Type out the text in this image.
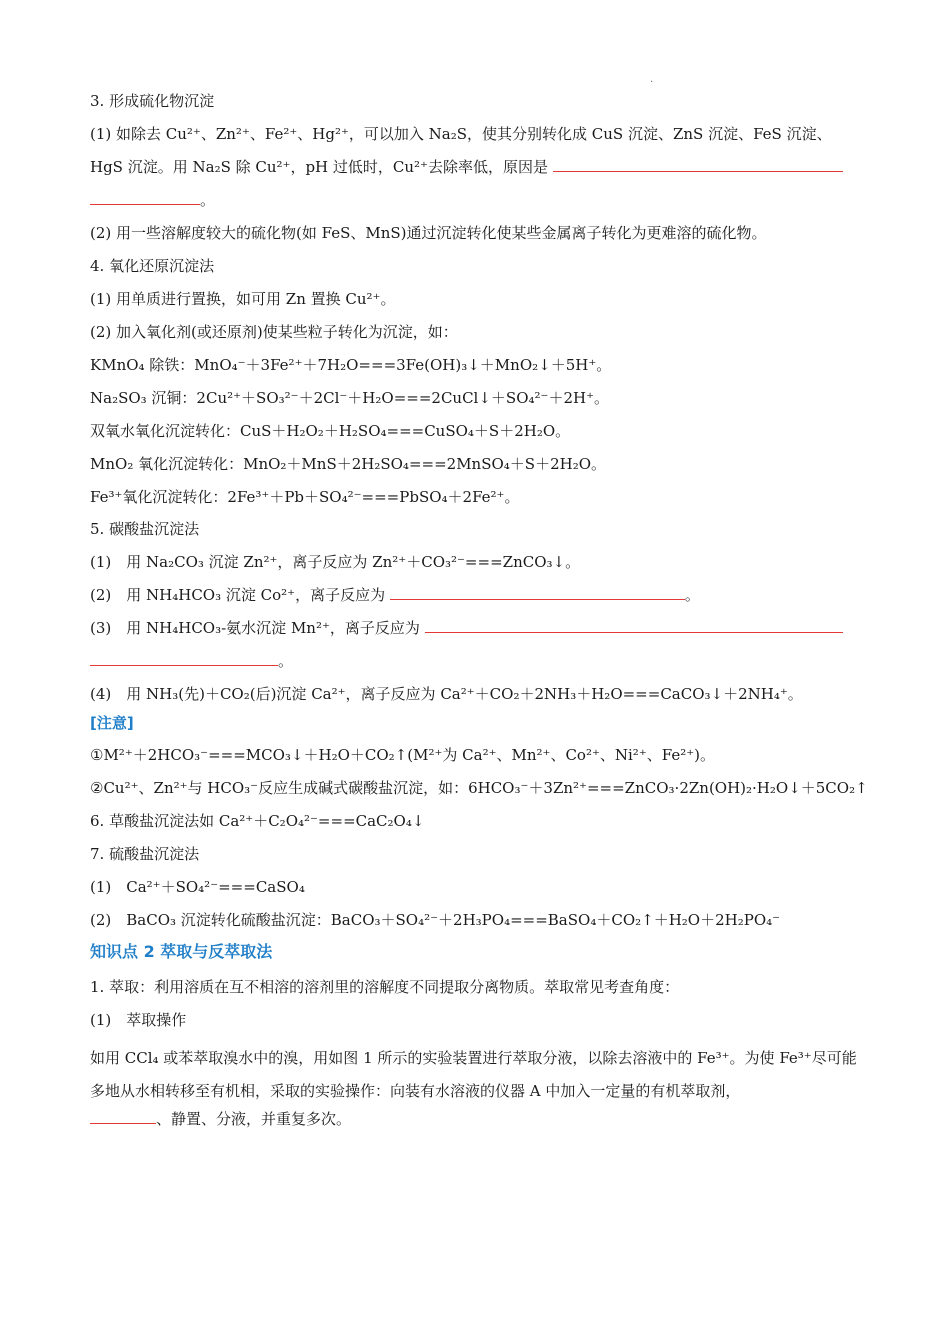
.
3. 形成硫化物沉淀
(1) 如除去 Cu²⁺、Zn²⁺、Fe²⁺、Hg²⁺，可以加入 Na₂S，使其分别转化成 CuS 沉淀、ZnS 沉淀、FeS 沉淀、
HgS 沉淀。用 Na₂S 除 Cu²⁺，pH 过低时，Cu²⁺去除率低，原因是
。
(2) 用一些溶解度较大的硫化物(如 FeS、MnS)通过沉淀转化使某些金属离子转化为更难溶的硫化物。
4. 氧化还原沉淀法
(1) 用单质进行置换，如可用 Zn 置换 Cu²⁺。
(2) 加入氧化剂(或还原剂)使某些粒子转化为沉淀，如：
KMnO₄ 除铁：MnO₄⁻＋3Fe²⁺＋7H₂O===3Fe(OH)₃↓＋MnO₂↓＋5H⁺。
Na₂SO₃ 沉铜：2Cu²⁺＋SO₃²⁻＋2Cl⁻＋H₂O===2CuCl↓＋SO₄²⁻＋2H⁺。
双氧水氧化沉淀转化：CuS＋H₂O₂＋H₂SO₄===CuSO₄＋S＋2H₂O。
MnO₂ 氧化沉淀转化：MnO₂＋MnS＋2H₂SO₄===2MnSO₄＋S＋2H₂O。
Fe³⁺氧化沉淀转化：2Fe³⁺＋Pb＋SO₄²⁻===PbSO₄＋2Fe²⁺。
5. 碳酸盐沉淀法
(1)　用 Na₂CO₃ 沉淀 Zn²⁺，离子反应为 Zn²⁺＋CO₃²⁻===ZnCO₃↓。
(2)　用 NH₄HCO₃ 沉淀 Co²⁺，离子反应为	。
(3)　用 NH₄HCO₃-氨水沉淀 Mn²⁺，离子反应为
。
(4)　用 NH₃(先)＋CO₂(后)沉淀 Ca²⁺，离子反应为 Ca²⁺＋CO₂＋2NH₃＋H₂O===CaCO₃↓＋2NH₄⁺。
[注意]
①M²⁺＋2HCO₃⁻===MCO₃↓＋H₂O＋CO₂↑(M²⁺为 Ca²⁺、Mn²⁺、Co²⁺、Ni²⁺、Fe²⁺)。
②Cu²⁺、Zn²⁺与 HCO₃⁻反应生成碱式碳酸盐沉淀，如：6HCO₃⁻＋3Zn²⁺===ZnCO₃·2Zn(OH)₂·H₂O↓＋5CO₂↑
6. 草酸盐沉淀法如 Ca²⁺＋C₂O₄²⁻===CaC₂O₄↓
7. 硫酸盐沉淀法
(1)　Ca²⁺＋SO₄²⁻===CaSO₄
(2)　BaCO₃ 沉淀转化硫酸盐沉淀：BaCO₃＋SO₄²⁻＋2H₃PO₄===BaSO₄＋CO₂↑＋H₂O＋2H₂PO₄⁻
知识点 2 萃取与反萃取法
1. 萃取：利用溶质在互不相溶的溶剂里的溶解度不同提取分离物质。萃取常见考查角度：
(1)　萃取操作
如用 CCl₄ 或苯萃取溴水中的溴，用如图 1 所示的实验装置进行萃取分液，以除去溶液中的 Fe³⁺。为使 Fe³⁺尽可能多地从水相转移至有机相，采取的实验操作：向装有水溶液的仪器 A 中加入一定量的有机萃取剂，
、静置、分液，并重复多次。
